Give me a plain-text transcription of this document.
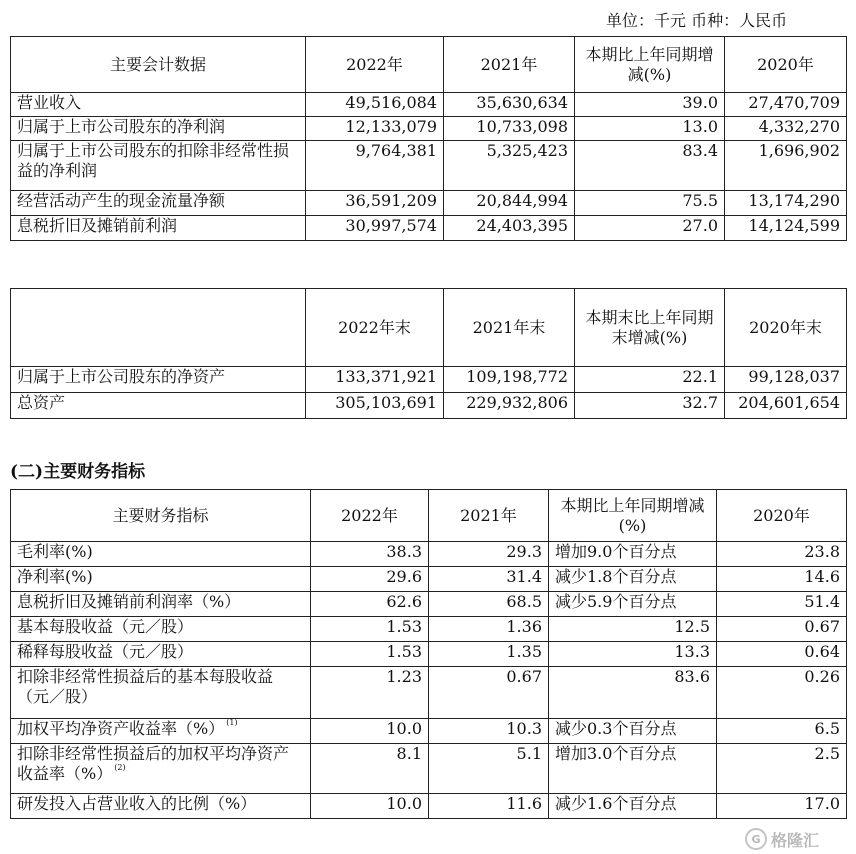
单位：千元 币种：人民币
主要会计数据	2022年	2021年	本期比上年同期增减(%)	2020年
营业收入	49,516,084	35,630,634	39.0	27,470,709
归属于上市公司股东的净利润	12,133,079	10,733,098	13.0	4,332,270
归属于上市公司股东的扣除非经常性损益的净利润	9,764,381	5,325,423	83.4	1,696,902
经营活动产生的现金流量净额	36,591,209	20,844,994	75.5	13,174,290
息税折旧及摊销前利润	30,997,574	24,403,395	27.0	14,124,599
	2022年末	2021年末	本期末比上年同期末增减(%)	2020年末
归属于上市公司股东的净资产	133,371,921	109,198,772	22.1	99,128,037
总资产	305,103,691	229,932,806	32.7	204,601,654
(二)主要财务指标
主要财务指标	2022年	2021年	本期比上年同期增减(%)	2020年
毛利率(%)	38.3	29.3	增加9.0个百分点	23.8
净利率(%)	29.6	31.4	减少1.8个百分点	14.6
息税折旧及摊销前利润率（%）	62.6	68.5	减少5.9个百分点	51.4
基本每股收益（元／股）	1.53	1.36	12.5	0.67
稀释每股收益（元／股）	1.53	1.35	13.3	0.64
扣除非经常性损益后的基本每股收益（元／股）	1.23	0.67	83.6	0.26
加权平均净资产收益率（%） $^{(1)}$	10.0	10.3	减少0.3个百分点	6.5
扣除非经常性损益后的加权平均净资产收益率（%） $^{(2)}$	8.1	5.1	增加3.0个百分点	2.5
研发投入占营业收入的比例（%）	10.0	11.6	减少1.6个百分点	17.0
G 格隆汇
